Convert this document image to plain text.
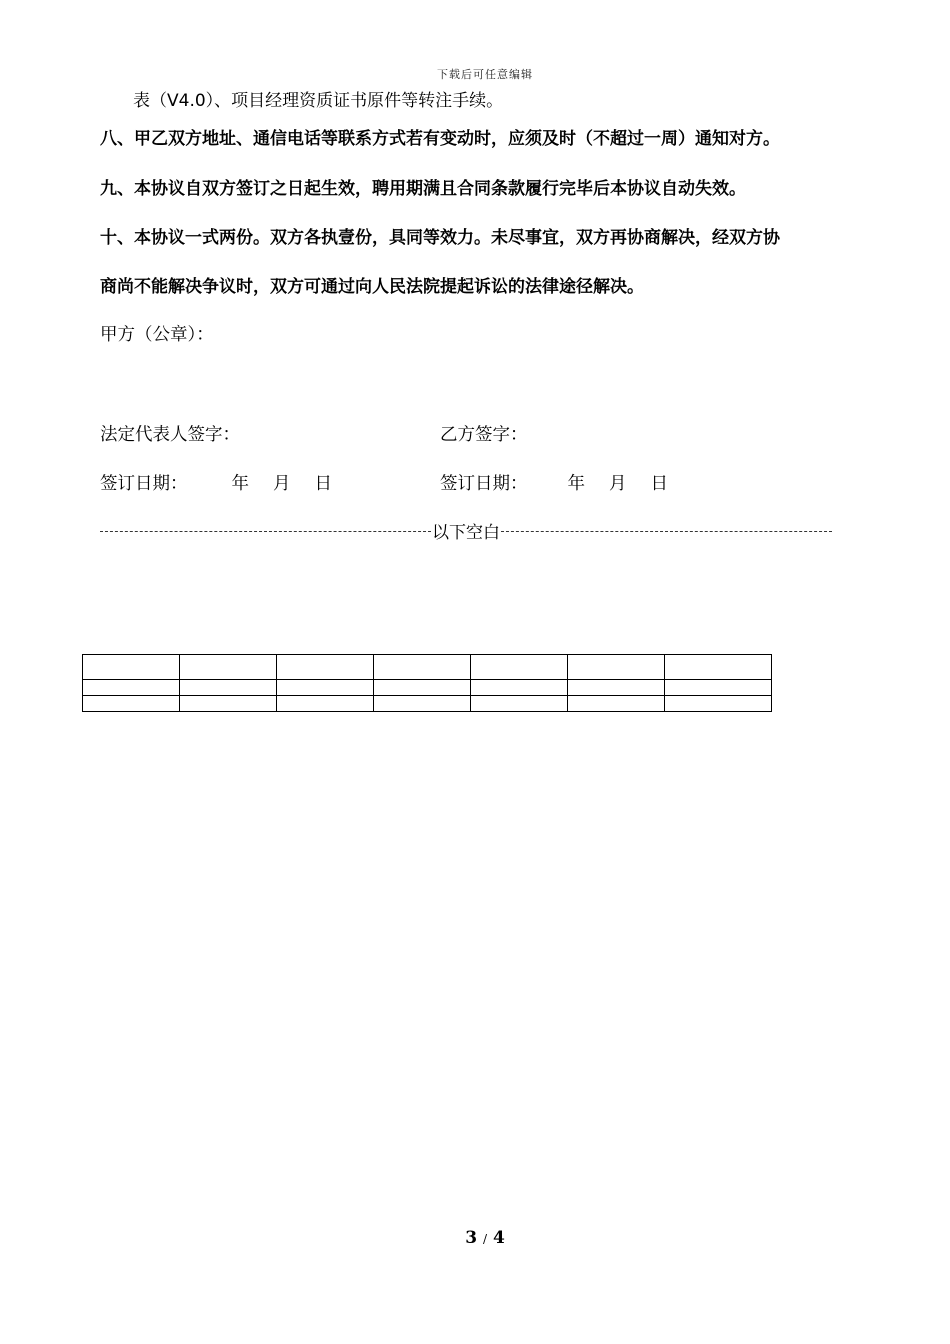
下载后可任意编辑
表（V4.0）、项目经理资质证书原件等转注手续。
八、甲乙双方地址、通信电话等联系方式若有变动时，应须及时（不超过一周）通知对方。
九、本协议自双方签订之日起生效，聘用期满且合同条款履行完毕后本协议自动失效。
十、本协议一式两份。双方各执壹份，具同等效力。未尽事宜，双方再协商解决，经双方协
商尚不能解决争议时，双方可通过向人民法院提起诉讼的法律途径解决。
甲方（公章）：
法定代表人签字：	乙方签字：
签订日期：	年 月 日	签订日期： 年 月 日
以下空白

3 / 4
